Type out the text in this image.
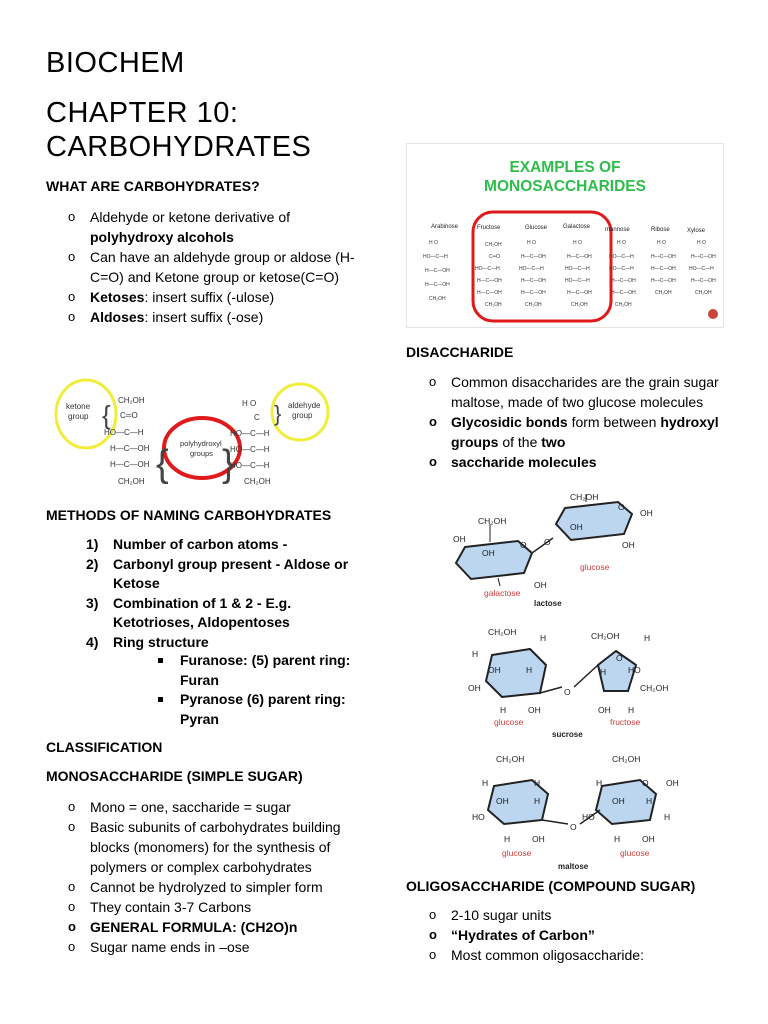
BIOCHEM
CHAPTER 10:
CARBOHYDRATES
WHAT ARE CARBOHYDRATES?
o Aldehyde or ketone derivative of
polyhydroxy alcohols
o Can have an aldehyde group or aldose (H-C=O) and Ketone group or ketose(C=O)
o Ketoses: insert suffix (-ulose)
o Aldoses: insert suffix (-ose)
ketone
group { CH₂OH
C═O
HO—C—H
H—C—OH
H—C—OH
CH₂OH { polyhydroxyl
groups }
H O
C
HO—C—H
HO—C—H
HO—C—H
CH₂OH
} aldehyde
group
METHODS OF NAMING CARBOHYDRATES
1) Number of carbon atoms -
2) Carbonyl group present - Aldose or Ketose
3) Combination of 1 & 2 - E.g. Ketotrioses, Aldopentoses
4) Ring structure
Furanose: (5) parent ring: Furan
Pyranose (6) parent ring: Pyran
CLASSIFICATION
MONOSACCHARIDE (SIMPLE SUGAR)
o Mono = one, saccharide = sugar
o Basic subunits of carbohydrates building blocks (monomers) for the synthesis of polymers or complex carbohydrates
o Cannot be hydrolyzed to simpler form
o They contain 3-7 Carbons
o GENERAL FORMULA: (CH2O)n
o Sugar name ends in –ose
EXAMPLES OF
MONOSACCHARIDES
Arabinose	Fructose	Glucose	Galactose mannose	Ribose	Xylose
H O
HO—C—H
H—C—OH
H—C—OH
CH₂OH
CH₂OH
C═O
HO—C—H
H—C—OH
H—C—OH
CH₂OH
H O
H—C—OH
HO—C—H
H—C—OH
H—C—OH
CH₂OH
H O
H—C—OH
HO—C—H
HO—C—H
H—C—OH
CH₂OH
H O
HO—C—H
HO—C—H
H—C—OH
H—C—OH
CH₂OH
H O
H—C—OH
H—C—OH
H—C—OH
CH₂OH
H O
H—C—OH
HO—C—H
H—C—OH
CH₂OH
DISACCHARIDE
o Common disaccharides are the grain sugar maltose, made of two glucose molecules
o Glycosidic bonds form between hydroxyl groups of the two
o saccharide molecules
CH₂OH
CH₂OH
OH
O
OH
OH
OH
OH
O O
OH
glucose
galactose
lactose
CH₂OH	CH₂OH
H	H
H
OH	H
O
H	HO
OH	O	CH₂OH
H	OH	OH H
glucose	fructose
sucrose
CH₂OH	CH₂OH
H	H	H	O OH
OH	H	OH	H
HO
O
HO	H
H	OH	H	OH
glucose	glucose
maltose
OLIGOSACCHARIDE (COMPOUND SUGAR)
o 2-10 sugar units
o “Hydrates of Carbon”
o Most common oligosaccharide:
